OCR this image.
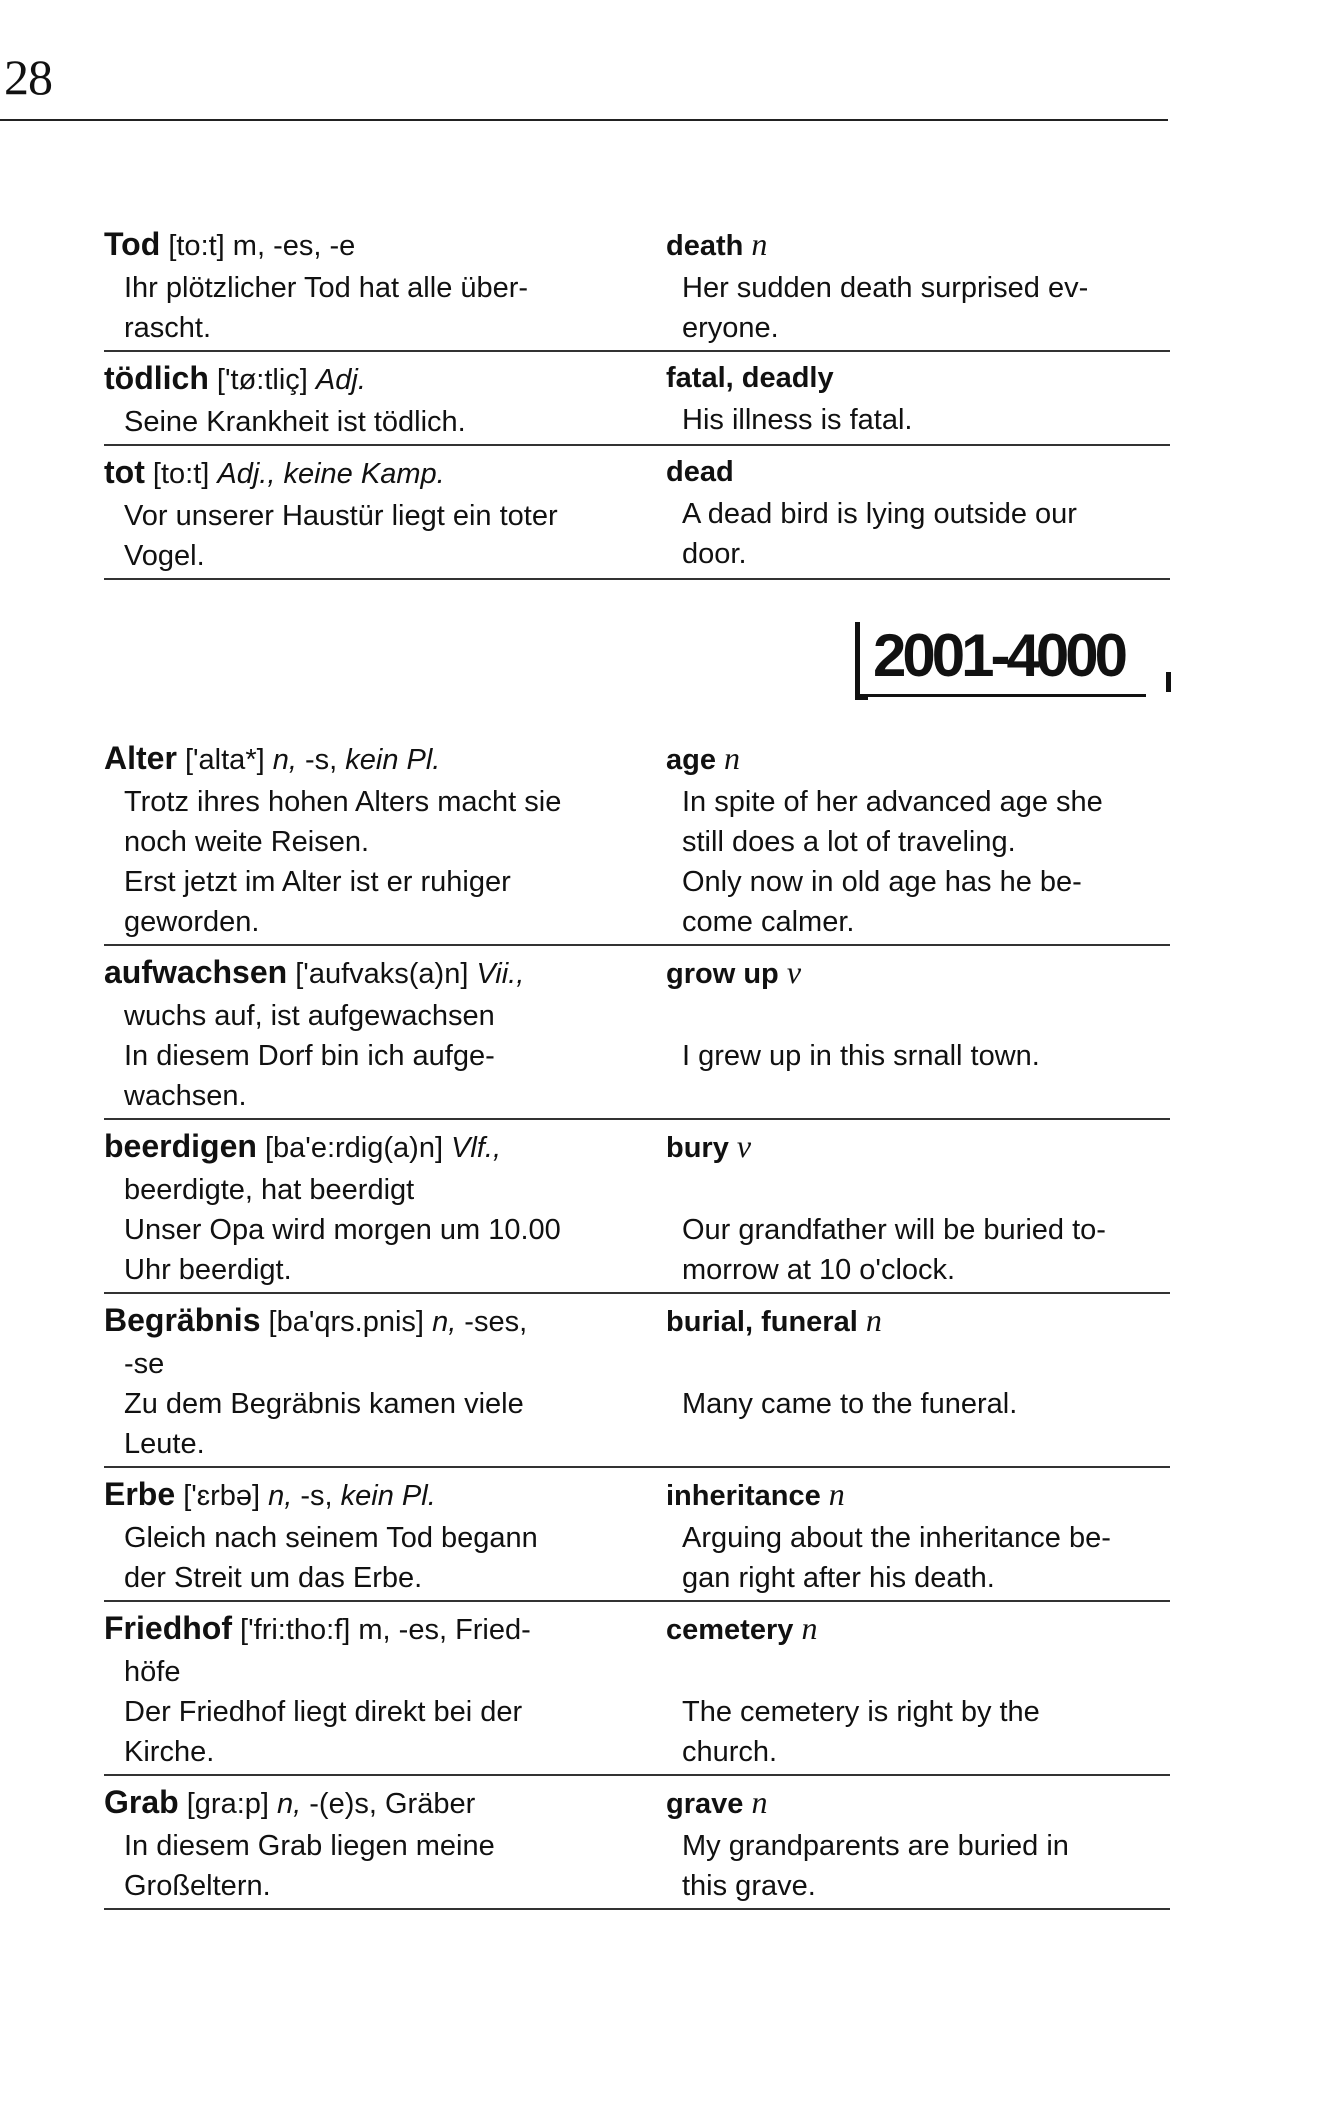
28
Tod [to:t] m, -es, -e
Ihr plötzlicher Tod hat alle über-
rascht.
death n
Her sudden death surprised ev-
eryone.
tödlich ['tø:tliç] Adj.
Seine Krankheit ist tödlich.
fatal, deadly
His illness is fatal.
tot [to:t] Adj., keine Kamp.
Vor unserer Haustür liegt ein toter
Vogel.
dead
A dead bird is lying outside our
door.
2001-4000
Alter ['alta*] n, -s, kein Pl.
Trotz ihres hohen Alters macht sie
noch weite Reisen.
Erst jetzt im Alter ist er ruhiger
geworden.
age n
In spite of her advanced age she
still does a lot of traveling.
Only now in old age has he be-
come calmer.
aufwachsen ['aufvaks(a)n] Vii.,
wuchs auf, ist aufgewachsen
In diesem Dorf bin ich aufge-
wachsen.
grow up v

I grew up in this srnall town.
beerdigen [ba'e:rdig(a)n] Vlf.,
beerdigte, hat beerdigt
Unser Opa wird morgen um 10.00
Uhr beerdigt.
bury v

Our grandfather will be buried to-
morrow at 10 o'clock.
Begräbnis [ba'qrs.pnis] n, -ses,
-se
Zu dem Begräbnis kamen viele
Leute.
burial, funeral n

Many came to the funeral.
Erbe ['ɛrbə] n, -s, kein Pl.
Gleich nach seinem Tod begann
der Streit um das Erbe.
inheritance n
Arguing about the inheritance be-
gan right after his death.
Friedhof ['fri:tho:f] m, -es, Fried-
höfe
Der Friedhof liegt direkt bei der
Kirche.
cemetery n

The cemetery is right by the
church.
Grab [gra:p] n, -(e)s, Gräber
In diesem Grab liegen meine
Großeltern.
grave n
My grandparents are buried in
this grave.
